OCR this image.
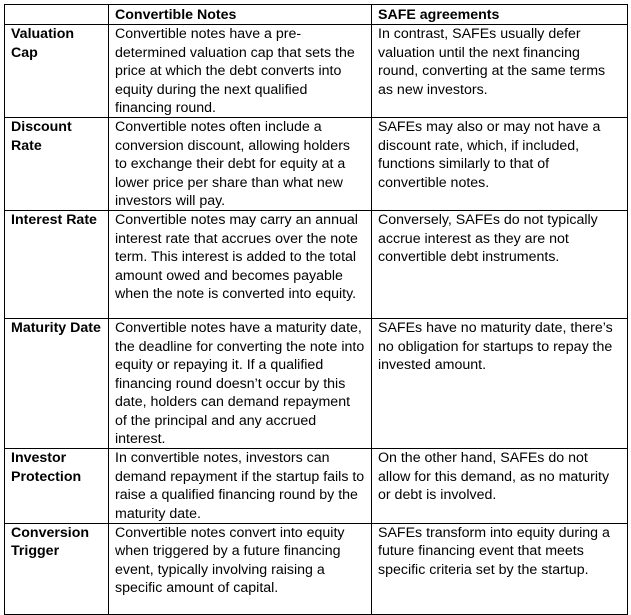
	Convertible Notes	SAFE agreements
Valuation Cap	Convertible notes have a pre-determined valuation cap that sets the price at which the debt converts into equity during the next qualified financing round.	In contrast, SAFEs usually defer valuation until the next financing round, converting at the same terms as new investors.
Discount Rate	Convertible notes often include a conversion discount, allowing holders to exchange their debt for equity at a lower price per share than what new investors will pay.	SAFEs may also or may not have a discount rate, which, if included, functions similarly to that of convertible notes.
Interest Rate	Convertible notes may carry an annual interest rate that accrues over the note term. This interest is added to the total amount owed and becomes payable when the note is converted into equity.	Conversely, SAFEs do not typically accrue interest as they are not convertible debt instruments.
Maturity Date	Convertible notes have a maturity date, the deadline for converting the note into equity or repaying it. If a qualified financing round doesn’t occur by this date, holders can demand repayment of the principal and any accrued interest.	SAFEs have no maturity date, there’s no obligation for startups to repay the invested amount.
Investor Protection	In convertible notes, investors can demand repayment if the startup fails to raise a qualified financing round by the maturity date.	On the other hand, SAFEs do not allow for this demand, as no maturity or debt is involved.
Conversion Trigger	Convertible notes convert into equity when triggered by a future financing event, typically involving raising a specific amount of capital.	SAFEs transform into equity during a future financing event that meets specific criteria set by the startup.
